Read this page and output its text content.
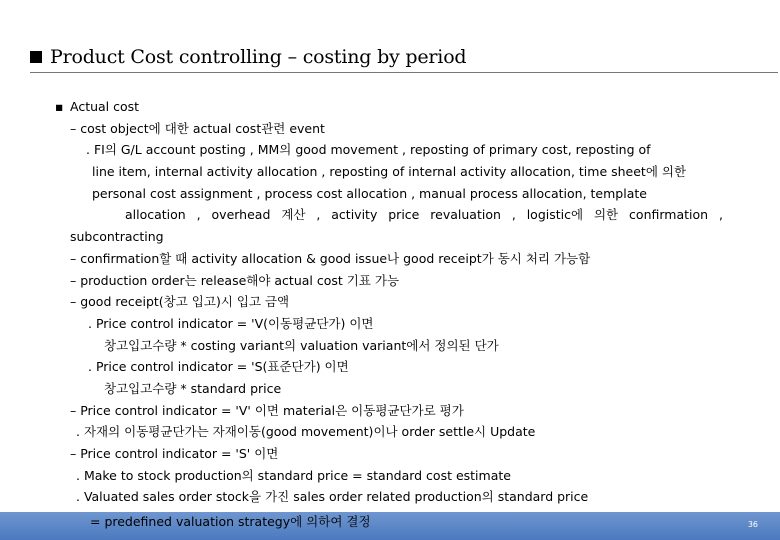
Product Cost controlling – costing by period
▪ Actual cost
– cost object에 대한 actual cost관련 event
. FI의 G/L account posting , MM의 good movement , reposting of primary cost, reposting of
line item, internal activity allocation , reposting of internal activity allocation, time sheet에 의한
personal cost assignment , process cost allocation , manual process allocation, template
allocation , overhead 계산 , activity price revaluation , logistic에 의한 confirmation ,
subcontracting
– confirmation할 때 activity allocation & good issue나 good receipt가 동시 처리 가능함
– production order는 release해야 actual cost 기표 가능
– good receipt(창고 입고)시 입고 금액
. Price control indicator = 'V(이동평균단가) 이면
창고입고수량 * costing variant의 valuation variant에서 정의된 단가
. Price control indicator = 'S(표준단가) 이면
창고입고수량 * standard price
– Price control indicator = 'V' 이면 material은 이동평균단가로 평가
. 자재의 이동평균단가는 자재이동(good movement)이나 order settle시 Update
– Price control indicator = 'S' 이면
. Make to stock production의 standard price = standard cost estimate
. Valuated sales order stock을 가진 sales order related production의 standard price
36
= predefined valuation strategy에 의하여 결정
